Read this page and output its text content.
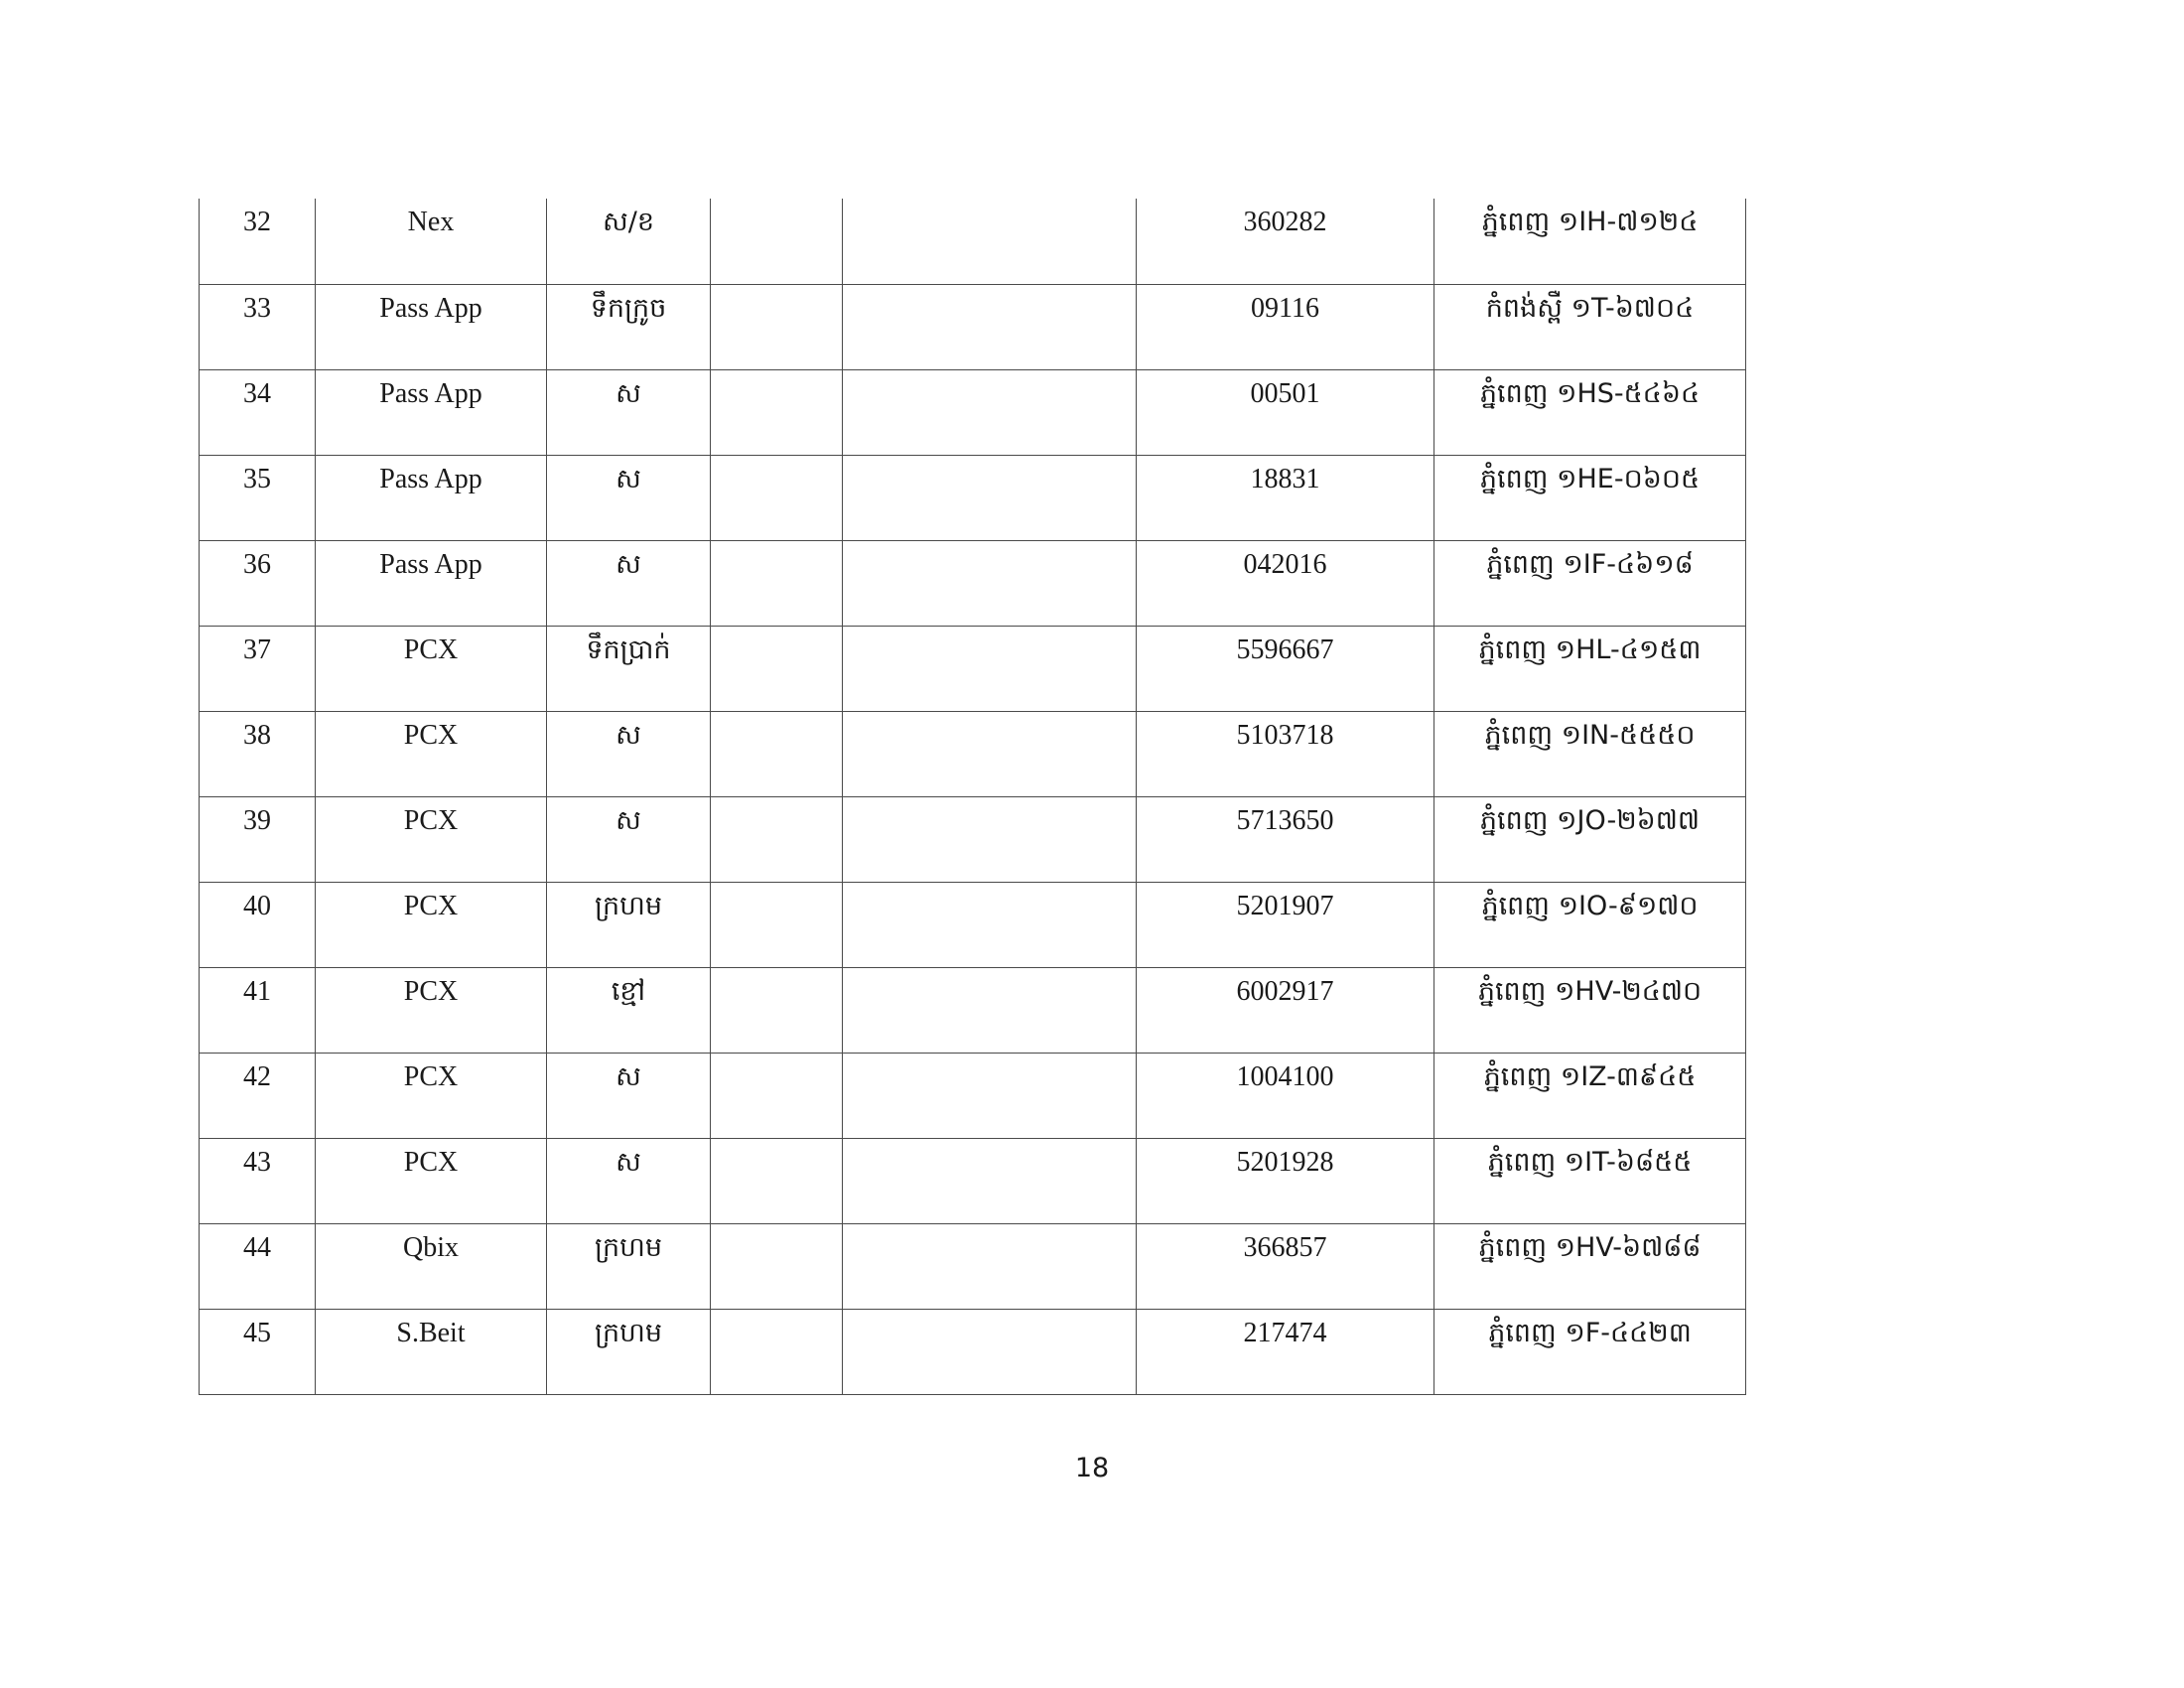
32	Nex	ស/ខ			360282	ភ្នំពេញ ១IH-៧១២៤

33	Pass App	ទឹកក្រូច			09116	កំពង់ស្ពឺ ១T-៦៧០៤

34	Pass App	ស			00501	ភ្នំពេញ ១HS-៥៤៦៤

35	Pass App	ស			18831	ភ្នំពេញ ១HE-០៦០៥

36	Pass App	ស			042016	ភ្នំពេញ ១IF-៤៦១៨

37	PCX	ទឹកប្រាក់			5596667	ភ្នំពេញ ១HL-៤១៥៣

38	PCX	ស			5103718	ភ្នំពេញ ១IN-៥៥៥០

39	PCX	ស			5713650	ភ្នំពេញ ១JO-២៦៧៧

40	PCX	ក្រហម			5201907	ភ្នំពេញ ១IO-៩១៧០

41	PCX	ខ្មៅ			6002917	ភ្នំពេញ ១HV-២៤៧០

42	PCX	ស			1004100	ភ្នំពេញ ១IZ-៣៩៤៥

43	PCX	ស			5201928	ភ្នំពេញ ១IT-៦៨៥៥

44	Qbix	ក្រហម			366857	ភ្នំពេញ ១HV-៦៧៨៨

45	S.Beit	ក្រហម			217474	ភ្នំពេញ ១F-៤៤២៣
18
